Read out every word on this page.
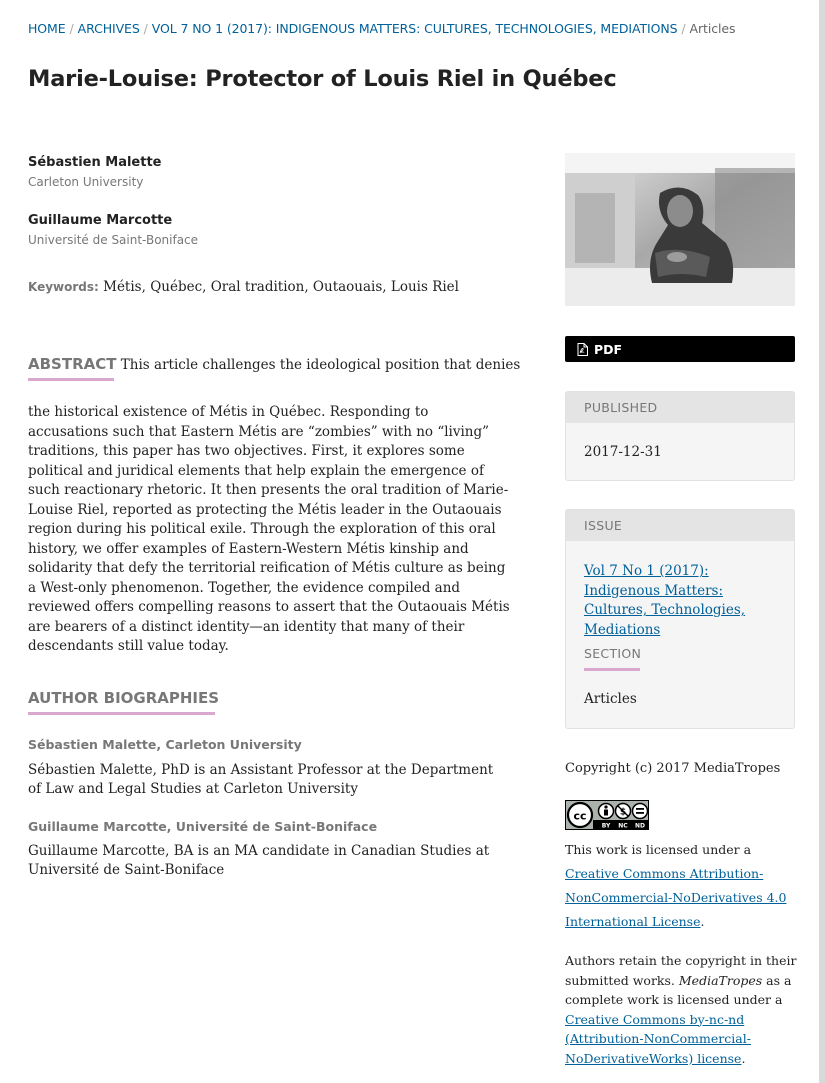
HOME / ARCHIVES / VOL 7 NO 1 (2017): INDIGENOUS MATTERS: CULTURES, TECHNOLOGIES, MEDIATIONS / Articles
Marie-Louise: Protector of Louis Riel in Québec
Sébastien Malette
Carleton University
Guillaume Marcotte
Université de Saint-Boniface
Keywords: Métis, Québec, Oral tradition, Outaouais, Louis Riel
ABSTRACT This article challenges the ideological position that denies
the historical existence of Métis in Québec. Responding to accusations such that Eastern Métis are “zombies” with no “living” traditions, this paper has two objectives. First, it explores some political and juridical elements that help explain the emergence of such reactionary rhetoric. It then presents the oral tradition of Marie-Louise Riel, reported as protecting the Métis leader in the Outaouais region during his political exile. Through the exploration of this oral history, we offer examples of Eastern-Western Métis kinship and solidarity that defy the territorial reification of Métis culture as being a West-only phenomenon. Together, the evidence compiled and reviewed offers compelling reasons to assert that the Outaouais Métis are bearers of a distinct identity—an identity that many of their descendants still value today.
AUTHOR BIOGRAPHIES
Sébastien Malette, Carleton University
Sébastien Malette, PhD is an Assistant Professor at the Department of Law and Legal Studies at Carleton University
Guillaume Marcotte, Université de Saint-Boniface
Guillaume Marcotte, BA is an MA candidate in Canadian Studies at Université de Saint-Boniface
PDF
PUBLISHED
2017-12-31
ISSUE
Vol 7 No 1 (2017): Indigenous Matters: Cultures, Technologies, Mediations
SECTION
Articles
Copyright (c) 2017 MediaTropes
cc	$
BY NC ND
This work is licensed under a Creative Commons Attribution-NonCommercial-NoDerivatives 4.0 International License.
Authors retain the copyright in their submitted works. MediaTropes as a complete work is licensed under a Creative Commons by-nc-nd (Attribution-NonCommercial-NoDerivativeWorks) license.
